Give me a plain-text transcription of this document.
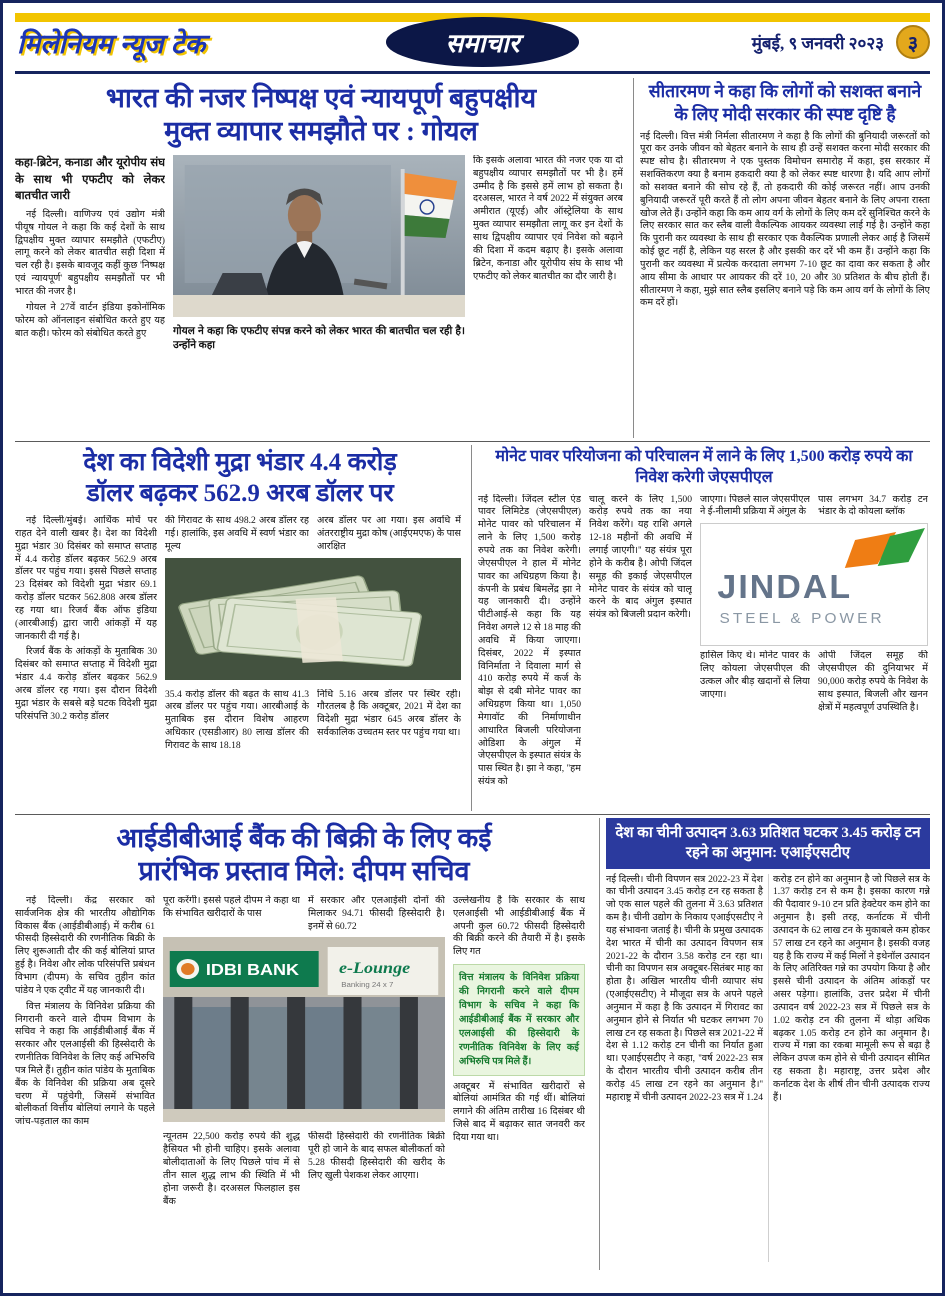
मिलेनियम न्यूज टेक	समाचार	मुंबई, ९ जनवरी २०२३	३
भारत की नजर निष्पक्ष एवं न्यायपूर्ण बहुपक्षीय
मुक्त व्यापार समझौते पर : गोयल

कहा-ब्रिटेन, कनाडा और यूरोपीय संघ के साथ भी एफटीए को लेकर बातचीत जारी

नई दिल्ली। वाणिज्य एवं उद्योग मंत्री पीयूष गोयल ने कहा कि कई देशों के साथ द्विपक्षीय मुक्त व्यापार समझौते (एफटीए) लागू करने को लेकर बातचीत सही दिशा में चल रही है। इसके बावजूद कहीं कुछ 'निष्पक्ष एवं न्यायपूर्ण' बहुपक्षीय समझौतों पर भी भारत की नजर है।

गोयल ने 27वें वार्टन इंडिया इकोनॉमिक फोरम को ऑनलाइन संबोधित करते हुए यह बात कही। फोरम को संबोधित करते हुए	गोयल ने कहा कि एफटीए संपन्न करने को लेकर भारत की बातचीत चल रही है। उन्होंने कहा
कि इसके अलावा भारत की नजर एक या दो बहुपक्षीय व्यापार समझौतों पर भी है। हमें उम्मीद है कि इससे हमें लाभ हो सकता है। दरअसल, भारत ने वर्ष 2022 में संयुक्त अरब अमीरात (यूएई) और ऑस्ट्रेलिया के साथ मुक्त व्यापार समझौता लागू कर इन देशों के साथ द्विपक्षीय व्यापार एवं निवेश को बढ़ाने की दिशा में कदम बढ़ाए है। इसके अलावा ब्रिटेन, कनाडा और यूरोपीय संघ के साथ भी एफटीए को लेकर बातचीत का दौर जारी है।
सीतारमण ने कहा कि लोगों को सशक्त बनाने के लिए मोदी सरकार की स्पष्ट दृष्टि है
नई दिल्ली। वित्त मंत्री निर्मला सीतारमण ने कहा है कि लोगों की बुनियादी जरूरतों को पूरा कर उनके जीवन को बेहतर बनाने के साथ ही उन्हें सशक्त करना मोदी सरकार की स्पष्ट सोच है। सीतारमण ने एक पुस्तक विमोचन समारोह में कहा, इस सरकार में सशक्तिकरण क्या है बनाम हकदारी क्या है को लेकर स्पष्ट धारणा है। यदि आप लोगों को सशक्त बनाने की सोच रहे हैं, तो हकदारी की कोई जरूरत नहीं। आप उनकी बुनियादी जरूरतें पूरी करते हैं तो लोग अपना जीवन बेहतर बनाने के लिए अपना रास्ता खोज लेते हैं। उन्होंने कहा कि कम आय वर्ग के लोगों के लिए कम दरें सुनिश्चित करने के लिए सरकार सात कर स्लैब वाली वैकल्पिक आयकर व्यवस्था लाई गई है। उन्होंने कहा कि पुरानी कर व्यवस्था के साथ ही सरकार एक वैकल्पिक प्रणाली लेकर आई है जिसमें कोई छूट नहीं है, लेकिन यह सरल है और इसकी कर दरें भी कम हैं। उन्होंने कहा कि पुरानी कर व्यवस्था में प्रत्येक करदाता लगभग 7-10 छूट का दावा कर सकता है और आय सीमा के आधार पर आयकर की दरें 10, 20 और 30 प्रतिशत के बीच होती हैं। सीतारमण ने कहा, मुझे सात स्लैब इसलिए बनाने पड़े कि कम आय वर्ग के लोगों के लिए कम दरें हों।
देश का विदेशी मुद्रा भंडार 4.4 करोड़
डॉलर बढ़कर 562.9 अरब डॉलर पर

नई दिल्ली/मुंबई। आर्थिक मोर्चे पर राहत देने वाली खबर है। देश का विदेशी मुद्रा भंडार 30 दिसंबर को समाप्त सप्ताह में 4.4 करोड़ डॉलर बढ़कर 562.9 अरब डॉलर पर पहुंच गया। इससे पिछले सप्ताह 23 दिसंबर को विदेशी मुद्रा भंडार 69.1 करोड़ डॉलर घटकर 562.808 अरब डॉलर रह गया था। रिजर्व बैंक ऑफ इंडिया (आरबीआई) द्वारा जारी आंकड़ों में यह जानकारी दी गई है।

रिजर्व बैंक के आंकड़ों के मुताबिक 30 दिसंबर को समाप्त सप्ताह में विदेशी मुद्रा भंडार 4.4 करोड़ डॉलर बढ़कर 562.9 अरब डॉलर रह गया। इस दौरान विदेशी मुद्रा भंडार के सबसे बड़े घटक विदेशी मुद्रा परिसंपत्ति 30.2 करोड़ डॉलर

की गिरावट के साथ 498.2 अरब डॉलर रह गई। हालांकि, इस अवधि में स्वर्ण भंडार का मूल्य
अरब डॉलर पर आ गया। इस अवधि में अंतरराष्ट्रीय मुद्रा कोष (आईएमएफ) के पास आरक्षित
35.4 करोड़ डॉलर की बढ़त के साथ 41.3 अरब डॉलर पर पहुंच गया। आरबीआई के मुताबिक इस दौरान विशेष आहरण अधिकार (एसडीआर) 80 लाख डॉलर की गिरावट के साथ 18.18
निधि 5.16 अरब डॉलर पर स्थिर रही। गौरतलब है कि अक्टूबर, 2021 में देश का विदेशी मुद्रा भंडार 645 अरब डॉलर के सर्वकालिक उच्चतम स्तर पर पहुंच गया था।
मोनेट पावर परियोजना को परिचालन में लाने के लिए 1,500 करोड़ रुपये का निवेश करेगी जेएसपीएल
नई दिल्ली। जिंदल स्टील एंड पावर लिमिटेड (जेएसपीएल) मोनेट पावर को परिचालन में लाने के लिए 1,500 करोड़ रुपये तक का निवेश करेगी। जेएसपीएल ने हाल में मोनेट पावर का अधिग्रहण किया है। कंपनी के प्रबंध बिमलेंद्र झा ने यह जानकारी दी। उन्होंने पीटीआई-से कहा कि यह निवेश अगले 12 से 18 माह की अवधि में किया जाएगा। दिसंबर, 2022 में इस्पात विनिर्माता ने दिवाला मार्ग से 410 करोड़ रुपये में कर्ज के बोझ से दबी मोनेट पावर का अधिग्रहण किया था। 1,050 मेगावॉट की निर्माणाधीन आधारित बिजली परियोजना ओडिशा के अंगुल में जेएसपीएल के इस्पात संयंत्र के पास स्थित है। झा ने कहा, ''हम संयंत्र को
चालू करने के लिए 1,500 करोड़ रुपये तक का नया निवेश करेंगे। यह राशि अगले 12-18 महीनों की अवधि में लगाई जाएगी।'' यह संयंत्र पूरा होने के करीब है। ओपी जिंदल समूह की इकाई जेएसपीएल मोनेट पावर के संयंत्र को चालू करने के बाद अंगुल इस्पात संयंत्र को बिजली प्रदान करेगी।
जाएगा। पिछले साल जेएसपीएल ने ई-नीलामी प्रक्रिया में अंगुल के
पास लगभग 34.7 करोड़ टन भंडार के दो कोयला ब्लॉक
JINDAL
STEEL & POWER
हासिल किए थे। मोनेट पावर के लिए कोयला जेएसपीएल की उत्कल और बीड़ खदानों से लिया जाएगा।
ओपी जिंदल समूह की जेएसपीएल की दुनियाभर में 90,000 करोड़ रुपये के निवेश के साथ इस्पात, बिजली और खनन क्षेत्रों में महत्वपूर्ण उपस्थिति है।
आईडीबीआई बैंक की बिक्री के लिए कई
प्रारंभिक प्रस्ताव मिले: दीपम सचिव

नई दिल्ली। केंद्र सरकार को सार्वजनिक क्षेत्र की भारतीय औद्योगिक विकास बैंक (आईडीबीआई) में करीब 61 फीसदी हिस्सेदारी की रणनीतिक बिक्री के लिए शुरूआती दौर की कई बोलियां प्राप्त हुई है। निवेश और लोक परिसंपत्ति प्रबंधन विभाग (दीपम) के सचिव तुहीन कांत पांडेय ने एक ट्वीट में यह जानकारी दी।

वित्त मंत्रालय के विनिवेश प्रक्रिया की निगरानी करने वाले दीपम विभाग के सचिव ने कहा कि आईडीबीआई बैंक में सरकार और एलआईसी की हिस्सेदारी के रणनीतिक विनिवेश के लिए कई अभिरुचि पत्र मिले हैं। तुहीन कांत पांडेय के मुताबिक बैंक के विनिवेश की प्रक्रिया अब दूसरे चरण में पहुंचेगी, जिसमें संभावित बोलीकर्ता वित्तीय बोलियां लगाने के पहले जांच-पड़ताल का काम

पूरा करेंगी। इससे पहले दीपम ने कहा था कि संभावित खरीदारों के पास
में सरकार और एलआईसी दोनों की मिलाकर 94.71 फीसदी हिस्सेदारी है। इनमें से 60.72
IDBI BANK e-Lounge
Banking 24 x 7
न्यूनतम 22,500 करोड़ रुपये की शुद्ध हैसियत भी होनी चाहिए। इसके अलावा बोलीदाताओं के लिए पिछले पांच में से तीन साल शुद्ध लाभ की स्थिति में भी होना जरूरी है। दरअसल फिलहाल इस बैंक
फीसदी हिस्सेदारी की रणनीतिक बिक्री पूरी हो जाने के बाद सफल बोलीकर्ता को 5.28 फीसदी हिस्सेदारी की खरीद के लिए खुली पेशकश लेकर आएगा।
उल्लेखनीय है कि सरकार के साथ एलआईसी भी आईडीबीआई बैंक में अपनी कुल 60.72 फीसदी हिस्सेदारी की बिक्री करने की तैयारी में है। इसके लिए गत
वित्त मंत्रालय के विनिवेश प्रक्रिया की निगरानी करने वाले दीपम विभाग के सचिव ने कहा कि आईडीबीआई बैंक में सरकार और एलआईसी की हिस्सेदारी के रणनीतिक विनिवेश के लिए कई अभिरुचि पत्र मिले हैं।
अक्टूबर में संभावित खरीदारों से बोलियां आमंत्रित की गई थीं। बोलियां लगाने की अंतिम तारीख 16 दिसंबर थी जिसे बाद में बढ़ाकर सात जनवरी कर दिया गया था।
देश का चीनी उत्पादन 3.63 प्रतिशत घटकर 3.45 करोड़ टन रहने का अनुमान: एआईएसटीए
नई दिल्ली। चीनी विपणन सत्र 2022-23 में देश का चीनी उत्पादन 3.45 करोड़ टन रह सकता है जो एक साल पहले की तुलना में 3.63 प्रतिशत कम है। चीनी उद्योग के निकाय एआईएसटीए ने यह संभावना जताई है। चीनी के प्रमुख उत्पादक देश भारत में चीनी का उत्पादन विपणन सत्र 2021-22 के दौरान 3.58 करोड़ टन रहा था। चीनी का विपणन सत्र अक्टूबर-सितंबर माह का होता है। अखिल भारतीय चीनी व्यापार संघ (एआईएसटीए) ने मौजूदा सत्र के अपने पहले अनुमान में कहा है कि उत्पादन में गिरावट का अनुमान होने से निर्यात भी घटकर लगभग 70 लाख टन रह सकता है। पिछले सत्र 2021-22 में देश से 1.12 करोड़ टन चीनी का निर्यात हुआ था। एआईएसटीए ने कहा, ''वर्ष 2022-23 सत्र के दौरान भारतीय चीनी उत्पादन करीब तीन करोड़ 45 लाख टन रहने का अनुमान है।'' महाराष्ट्र में चीनी उत्पादन 2022-23 सत्र में 1.24 करोड़ टन होने का अनुमान है जो पिछले सत्र के 1.37 करोड़ टन से कम है। इसका कारण गन्ने की पैदावार 9-10 टन प्रति हेक्टेयर कम होने का अनुमान है। इसी तरह, कर्नाटक में चीनी उत्पादन के 62 लाख टन के मुकाबले कम होकर 57 लाख टन रहने का अनुमान है। इसकी वजह यह है कि राज्य में कई मिलों ने इथेनॉल उत्पादन के लिए अतिरिक्त गन्ने का उपयोग किया है और इससे चीनी उत्पादन के अंतिम आंकड़ों पर असर पड़ेगा। हालांकि, उत्तर प्रदेश में चीनी उत्पादन वर्ष 2022-23 सत्र में पिछले सत्र के 1.02 करोड़ टन की तुलना में थोड़ा अधिक बढ़कर 1.05 करोड़ टन होने का अनुमान है। राज्य में गन्ना का रकबा मामूली रूप से बढ़ा है लेकिन उपज कम होने से चीनी उत्पादन सीमित रह सकता है। महाराष्ट्र, उत्तर प्रदेश और कर्नाटक देश के शीर्ष तीन चीनी उत्पादक राज्य हैं।
